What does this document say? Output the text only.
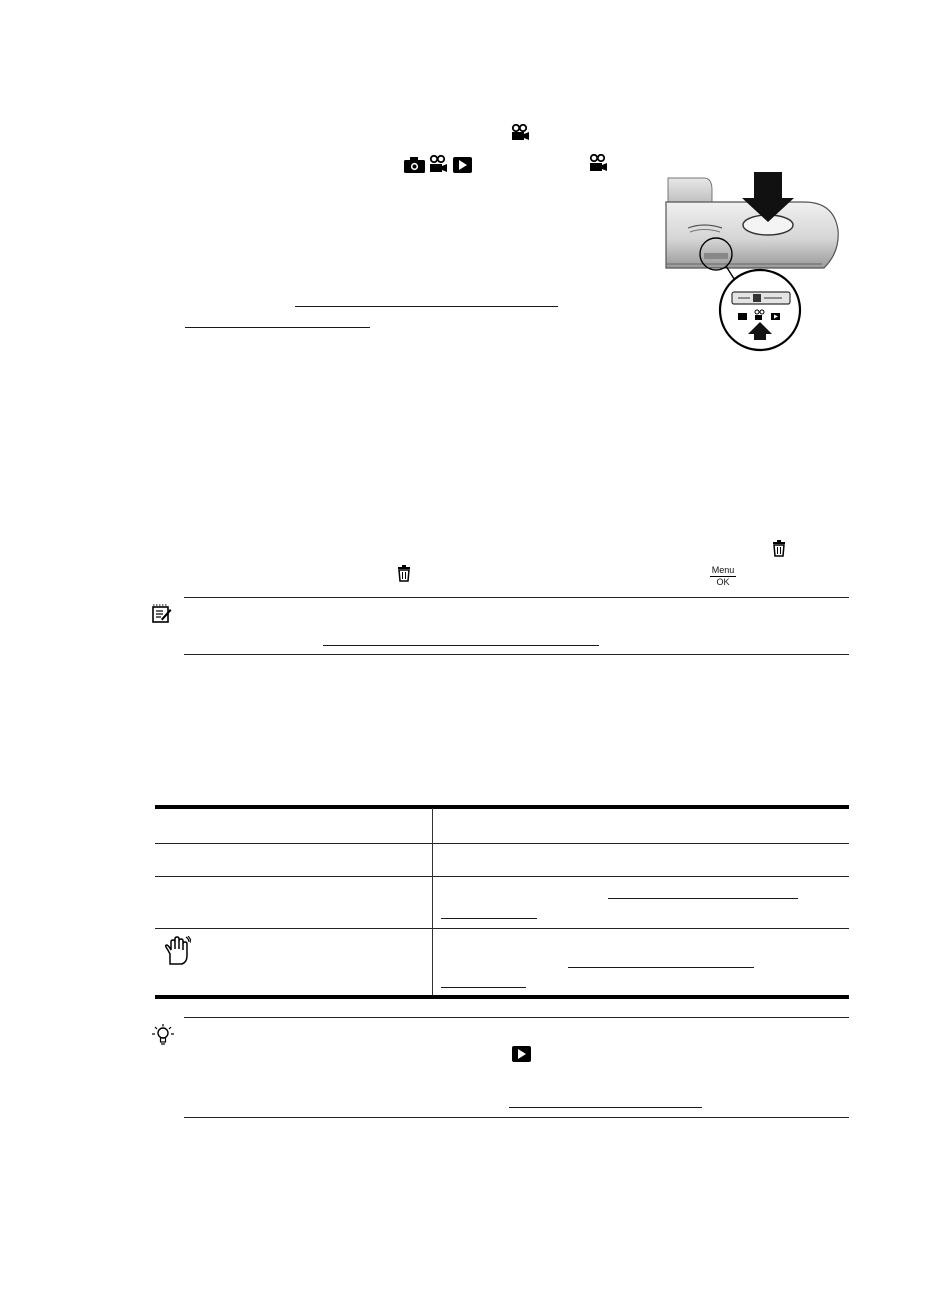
Menu
OK
